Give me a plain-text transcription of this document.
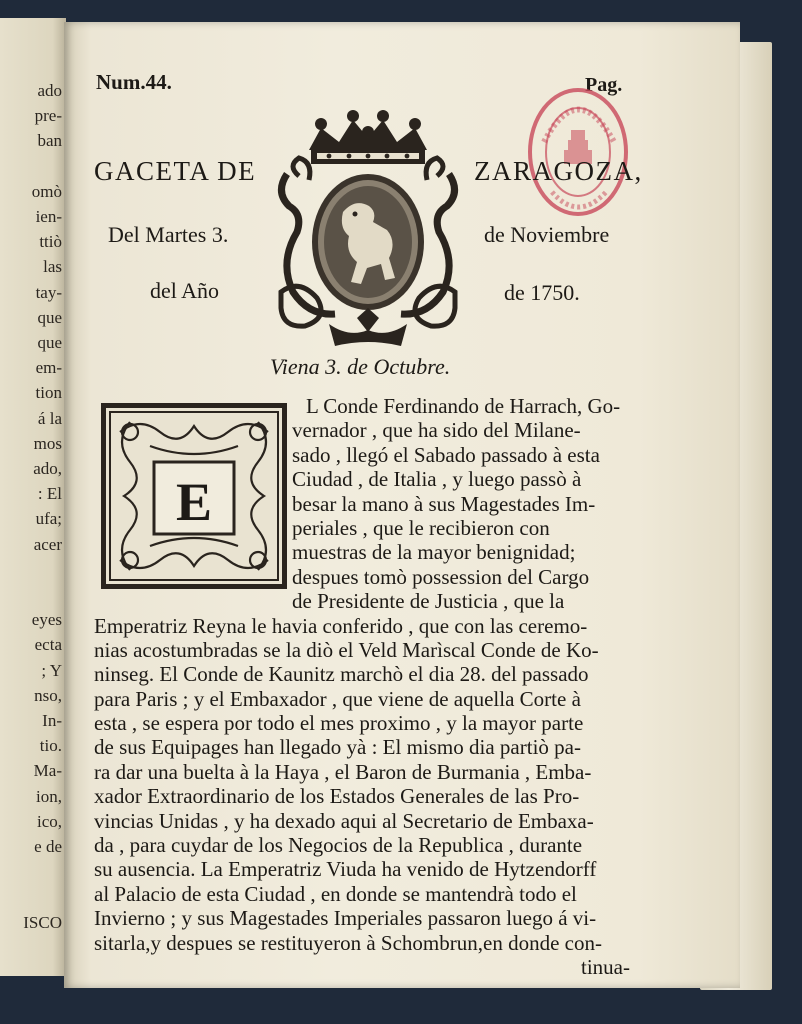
ado
pre-
ban
omò
ien-
ttiò
las
tay-
que
que
em-
tion
á la
mos
ado,
: El
ufa;
acer
eyes
ecta
; Y
nso,
In-
tio.
Ma-
ion,
ico,
e de
ISCO
Num.44.	Pag.
GACETA DE	ZARAGOZA,
Del Martes 3.	de Noviembre
del Año	de 1750.
Viena 3. de Octubre.
E
L Conde Ferdinando de Harrach, Go-
vernador , que ha sido del Milane-
sado , llegó el Sabado passado à esta
Ciudad , de Italia , y luego passò à
besar la mano à sus Magestades Im-
periales , que le recibieron con
muestras de la mayor benignidad;
despues tomò possession del Cargo
de Presidente de Justicia , que la
Emperatriz Reyna le havia conferido , que con las ceremo-
nias acostumbradas se la diò el Veld Marìscal Conde de Ko-
ninseg. El Conde de Kaunitz marchò el dia 28. del passado
para Paris ; y el Embaxador , que viene de aquella Corte à
esta , se espera por todo el mes proximo , y la mayor parte
de sus Equipages han llegado yà : El mismo dia partiò pa-
ra dar una buelta à la Haya , el Baron de Burmania , Emba-
xador Extraordinario de los Estados Generales de las Pro-
vincias Unidas , y ha dexado aqui al Secretario de Embaxa-
da , para cuydar de los Negocios de la Republica , durante
su ausencia. La Emperatriz Viuda ha venido de Hytzendorff
al Palacio de esta Ciudad , en donde se mantendrà todo el
Invierno ; y sus Magestades Imperiales passaron luego á vi-
sitarla,y despues se restituyeron à Schombrun,en donde con-
tinua-
